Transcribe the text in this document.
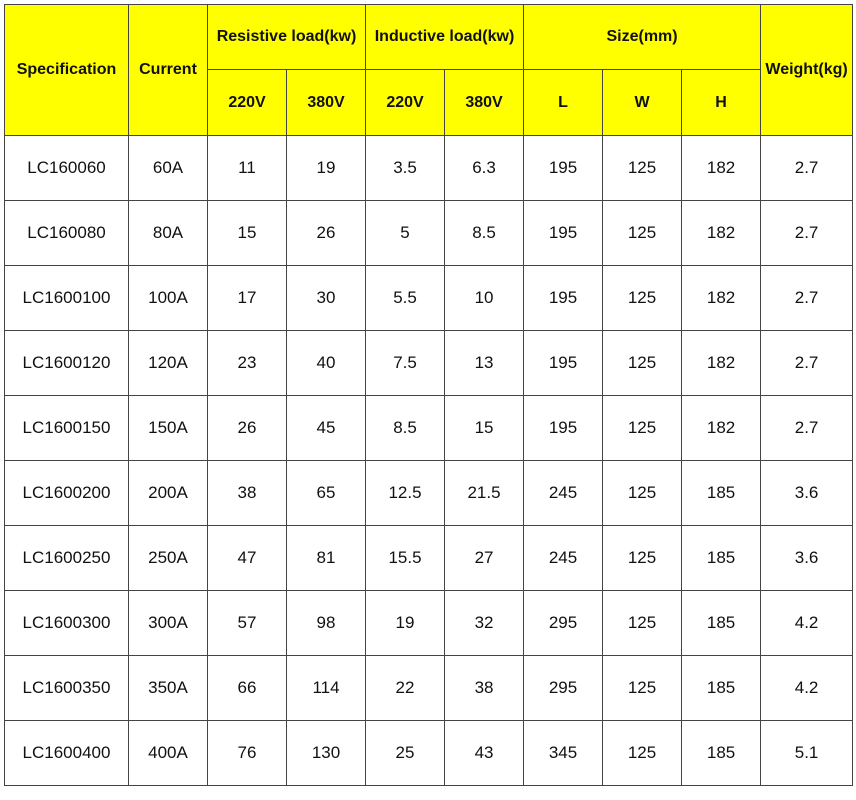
Specification	Current	Resistive load(kw)		Inductive load(kw)		Size(mm)			Weight(kg)
		220V	380V	220V	380V	L	W	H	
LC160060	60A	11	19	3.5	6.3	195	125	182	2.7
LC160080	80A	15	26	5	8.5	195	125	182	2.7
LC1600100	100A	17	30	5.5	10	195	125	182	2.7
LC1600120	120A	23	40	7.5	13	195	125	182	2.7
LC1600150	150A	26	45	8.5	15	195	125	182	2.7
LC1600200	200A	38	65	12.5	21.5	245	125	185	3.6
LC1600250	250A	47	81	15.5	27	245	125	185	3.6
LC1600300	300A	57	98	19	32	295	125	185	4.2
LC1600350	350A	66	114	22	38	295	125	185	4.2
LC1600400	400A	76	130	25	43	345	125	185	5.1
